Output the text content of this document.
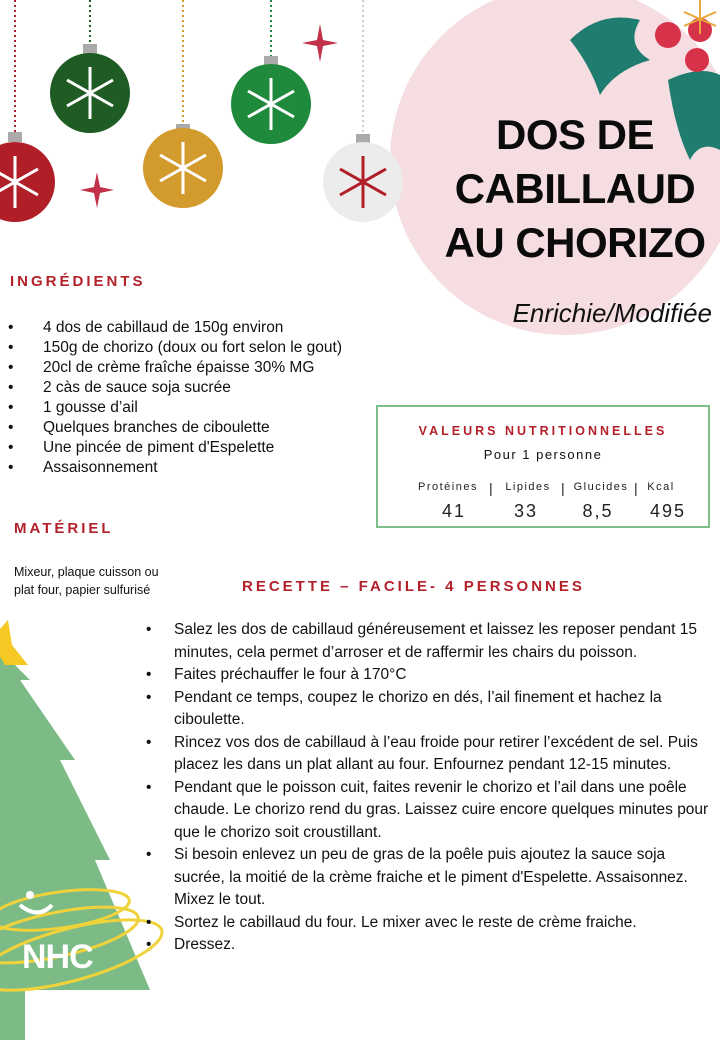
DOS DE
CABILLAUD
AU CHORIZO
Enrichie/Modifiée
INGRÉDIENTS
• 4 dos de cabillaud de 150g environ
• 150g de chorizo (doux ou fort selon le gout)
• 20cl de crème fraîche épaisse 30% MG
• 2 càs de sauce soja sucrée
• 1 gousse d’ail
• Quelques branches de ciboulette
• Une pincée de piment d'Espelette
• Assaisonnement
MATÉRIEL
Mixeur, plaque cuisson ou plat four, papier sulfurisé
VALEURS NUTRITIONNELLES
Pour 1 personne
Protéines |	Lipides | Glucides | Kcal
41	33	8,5	495
RECETTE – FACILE- 4 PERSONNES
• Salez les dos de cabillaud généreusement et laissez les reposer pendant 15 minutes, cela permet d’arroser et de raffermir les chairs du poisson.
• Faites préchauffer le four à 170°C
• Pendant ce temps, coupez le chorizo en dés, l’ail finement et hachez la ciboulette.
• Rincez vos dos de cabillaud à l’eau froide pour retirer l’excédent de sel. Puis placez les dans un plat allant au four. Enfournez pendant 12-15 minutes.
• Pendant que le poisson cuit, faites revenir le chorizo et l’ail dans une poêle chaude. Le chorizo rend du gras. Laissez cuire encore quelques minutes pour que le chorizo soit croustillant.
• Si besoin enlevez un peu de gras de la poêle puis ajoutez la sauce soja sucrée, la moitié de la crème fraiche et le piment d'Espelette. Assaisonnez. Mixez le tout.
• Sortez le cabillaud du four. Le mixer avec le reste de crème fraiche.
• Dressez.
NHC
